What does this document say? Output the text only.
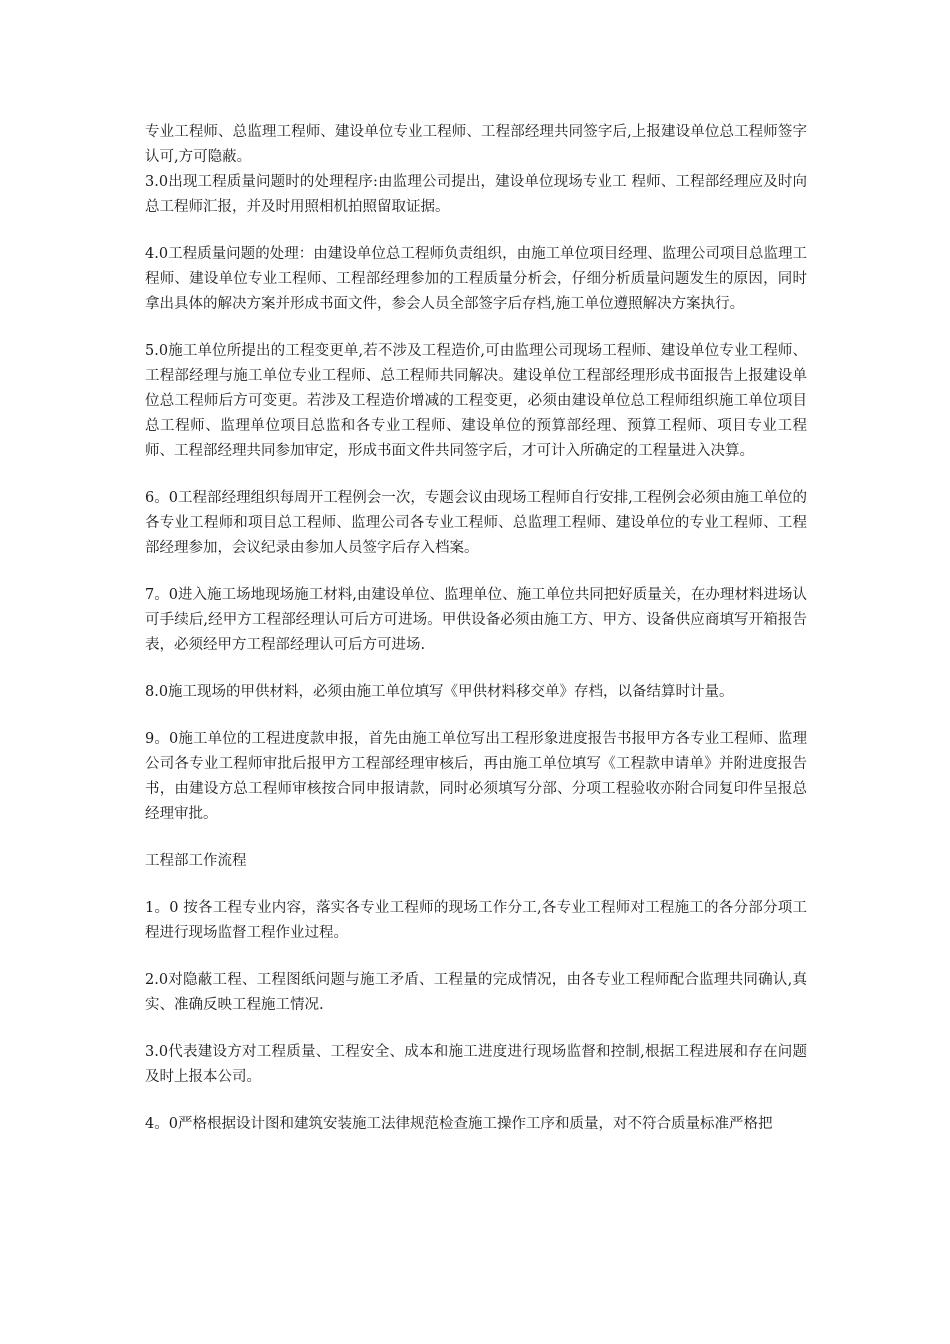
专业工程师、总监理工程师、建设单位专业工程师、工程部经理共同签字后,上报建设单位总工程师签字认可,方可隐蔽。

3.0出现工程质量问题时的处理程序:由监理公司提出，建设单位现场专业工 程师、工程部经理应及时向总工程师汇报，并及时用照相机拍照留取证据。

4.0工程质量问题的处理：由建设单位总工程师负责组织，由施工单位项目经理、监理公司项目总监理工程师、建设单位专业工程师、工程部经理参加的工程质量分析会，仔细分析质量问题发生的原因，同时拿出具体的解决方案并形成书面文件，参会人员全部签字后存档,施工单位遵照解决方案执行。

5.0施工单位所提出的工程变更单,若不涉及工程造价,可由监理公司现场工程师、建设单位专业工程师、工程部经理与施工单位专业工程师、总工程师共同解决。建设单位工程部经理形成书面报告上报建设单位总工程师后方可变更。若涉及工程造价增减的工程变更，必须由建设单位总工程师组织施工单位项目总工程师、监理单位项目总监和各专业工程师、建设单位的预算部经理、预算工程师、项目专业工程师、工程部经理共同参加审定，形成书面文件共同签字后，才可计入所确定的工程量进入决算。

6。0工程部经理组织每周开工程例会一次，专题会议由现场工程师自行安排,工程例会必须由施工单位的各专业工程师和项目总工程师、监理公司各专业工程师、总监理工程师、建设单位的专业工程师、工程部经理参加，会议纪录由参加人员签字后存入档案。

7。0进入施工场地现场施工材料,由建设单位、监理单位、施工单位共同把好质量关，在办理材料进场认可手续后,经甲方工程部经理认可后方可进场。甲供设备必须由施工方、甲方、设备供应商填写开箱报告表，必须经甲方工程部经理认可后方可进场.

8.0施工现场的甲供材料，必须由施工单位填写《甲供材料移交单》存档，以备结算时计量。

9。0施工单位的工程进度款申报，首先由施工单位写出工程形象进度报告书报甲方各专业工程师、监理公司各专业工程师审批后报甲方工程部经理审核后，再由施工单位填写《工程款申请单》并附进度报告书，由建设方总工程师审核按合同申报请款，同时必须填写分部、分项工程验收亦附合同复印件呈报总经理审批。

工程部工作流程

1。0 按各工程专业内容，落实各专业工程师的现场工作分工,各专业工程师对工程施工的各分部分项工程进行现场监督工程作业过程。

2.0对隐蔽工程、工程图纸问题与施工矛盾、工程量的完成情况，由各专业工程师配合监理共同确认,真实、准确反映工程施工情况.

3.0代表建设方对工程质量、工程安全、成本和施工进度进行现场监督和控制,根据工程进展和存在问题及时上报本公司。

4。0严格根据设计图和建筑安装施工法律规范检查施工操作工序和质量，对不符合质量标准严格把
